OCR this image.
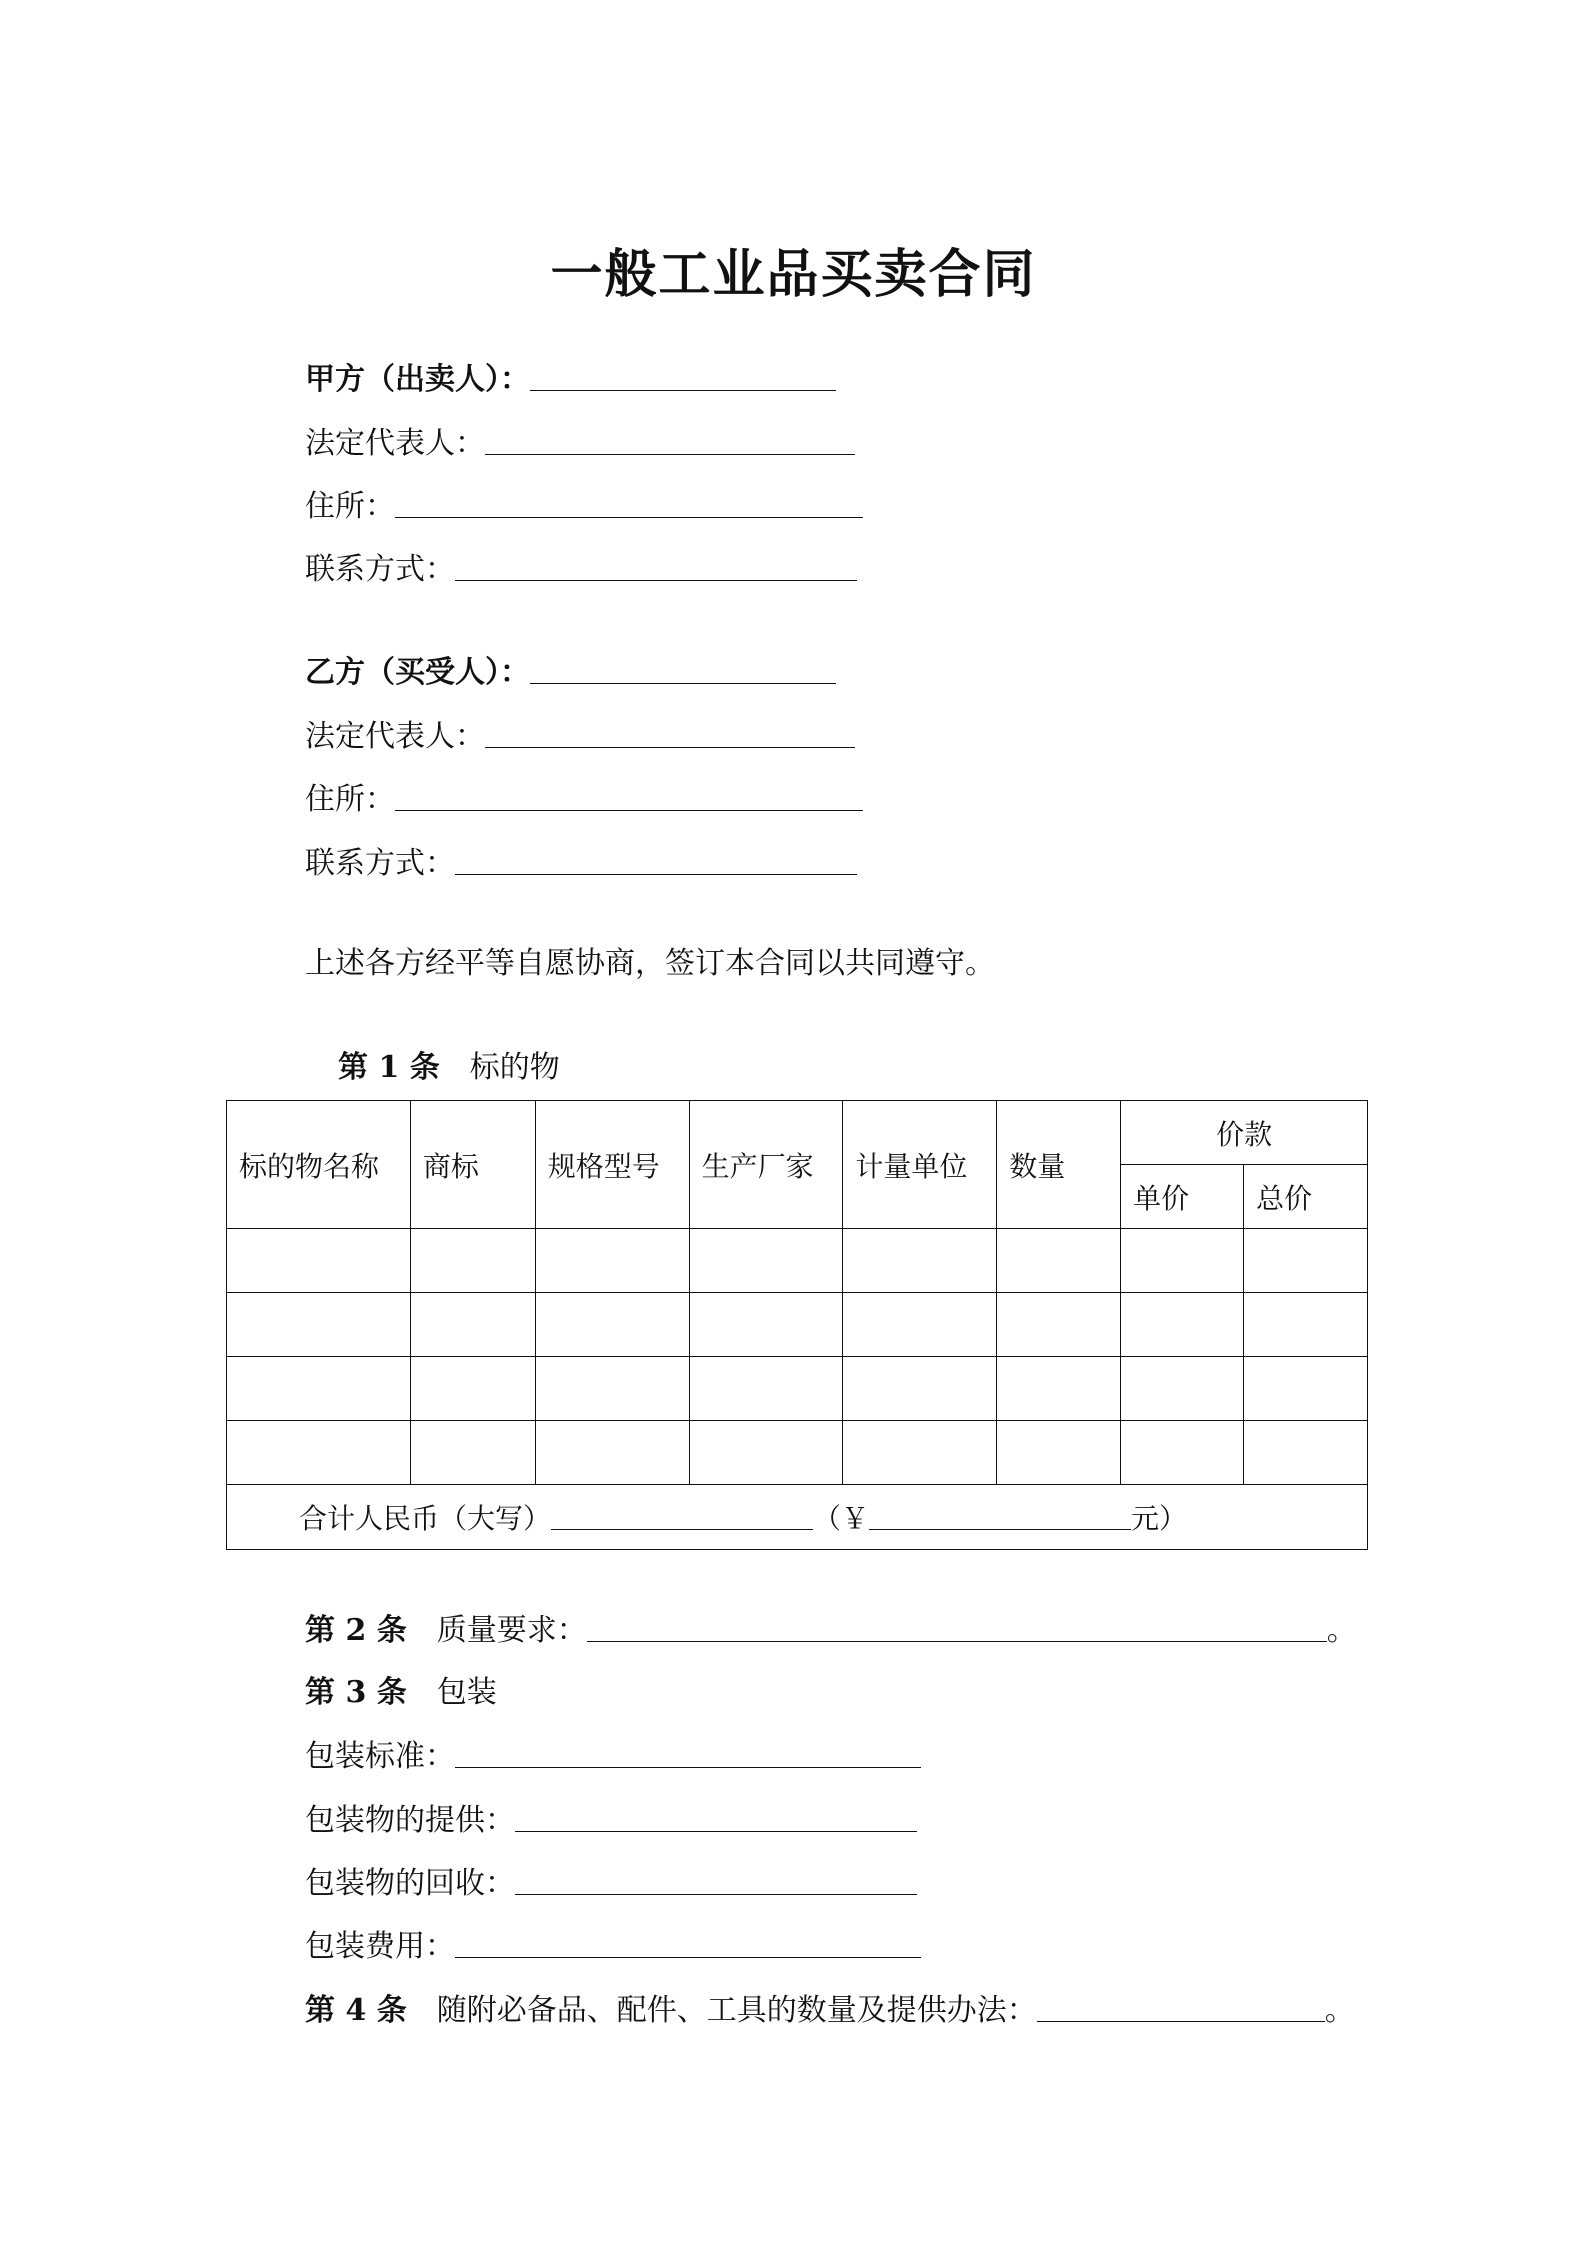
一般工业品买卖合同
甲方（出卖人）：
法定代表人：
住所：
联系方式：
乙方（买受人）：
法定代表人：
住所：
联系方式：
上述各方经平等自愿协商，签订本合同以共同遵守。
第 1 条 标的物
标的物名称	商标	规格型号	生产厂家	计量单位	数量	价款	
						单价	总价

合计人民币（大写） （￥ 元）							
第 2 条 质量要求：	。
第 3 条 包装
包装标准：
包装物的提供：
包装物的回收：
包装费用：
第 4 条 随附必备品、配件、工具的数量及提供办法：	。
